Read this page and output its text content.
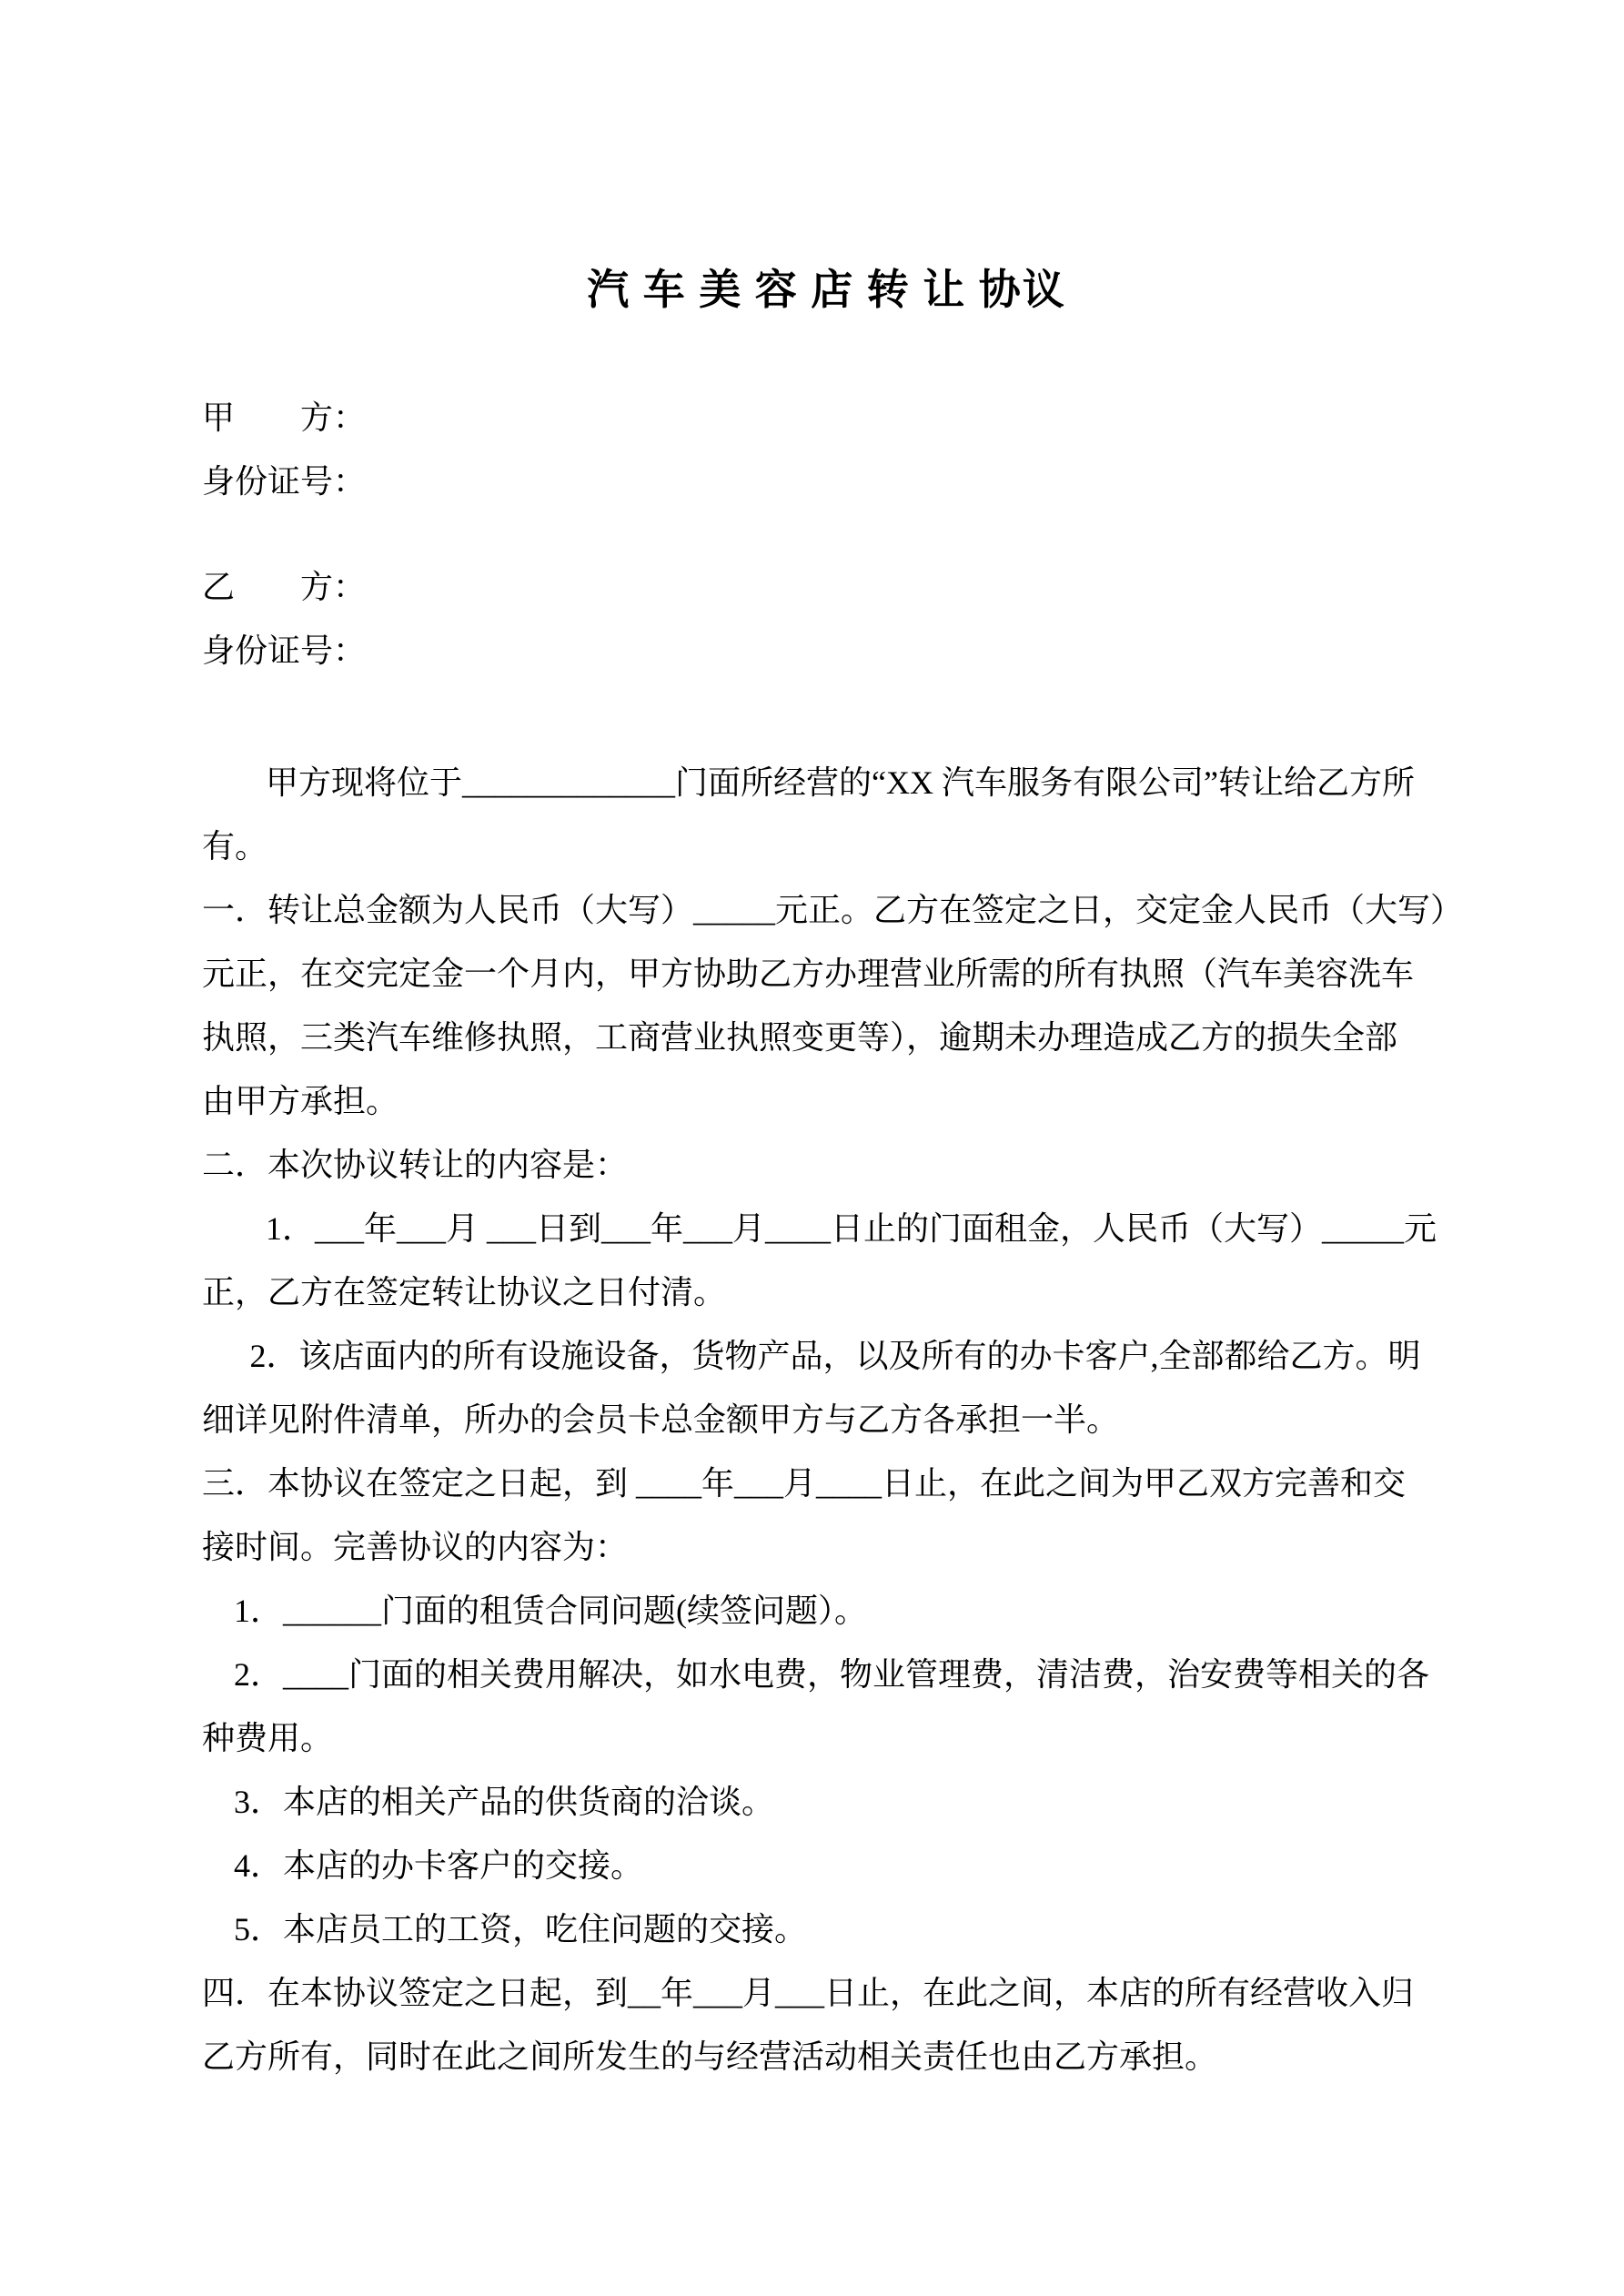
汽 车 美 容 店 转 让 协议
甲        方：
身份证号：
乙        方：
身份证号：
甲方现将位于_____________门面所经营的“XX 汽车服务有限公司”转让给乙方所
有。
一．转让总金额为人民币（大写）_____元正。乙方在签定之日，交定金人民币（大写）
元正，在交完定金一个月内，甲方协助乙方办理营业所需的所有执照（汽车美容洗车
执照，三类汽车维修执照，工商营业执照变更等），逾期未办理造成乙方的损失全部
由甲方承担。
二．本次协议转让的内容是：
1．___年___月 ___日到___年___月____日止的门面租金，人民币（大写）_____元
正，乙方在签定转让协议之日付清。
2．该店面内的所有设施设备，货物产品，以及所有的办卡客户,全部都给乙方。明
细详见附件清单，所办的会员卡总金额甲方与乙方各承担一半。
三．本协议在签定之日起，到 ____年___月____日止，在此之间为甲乙双方完善和交
接时间。完善协议的内容为：
1．______门面的租赁合同问题(续签问题）。
2．____门面的相关费用解决，如水电费，物业管理费，清洁费，治安费等相关的各
种费用。
3．本店的相关产品的供货商的洽谈。
4．本店的办卡客户的交接。
5．本店员工的工资，吃住问题的交接。
四．在本协议签定之日起，到__年___月___日止，在此之间，本店的所有经营收入归
乙方所有，同时在此之间所发生的与经营活动相关责任也由乙方承担。
